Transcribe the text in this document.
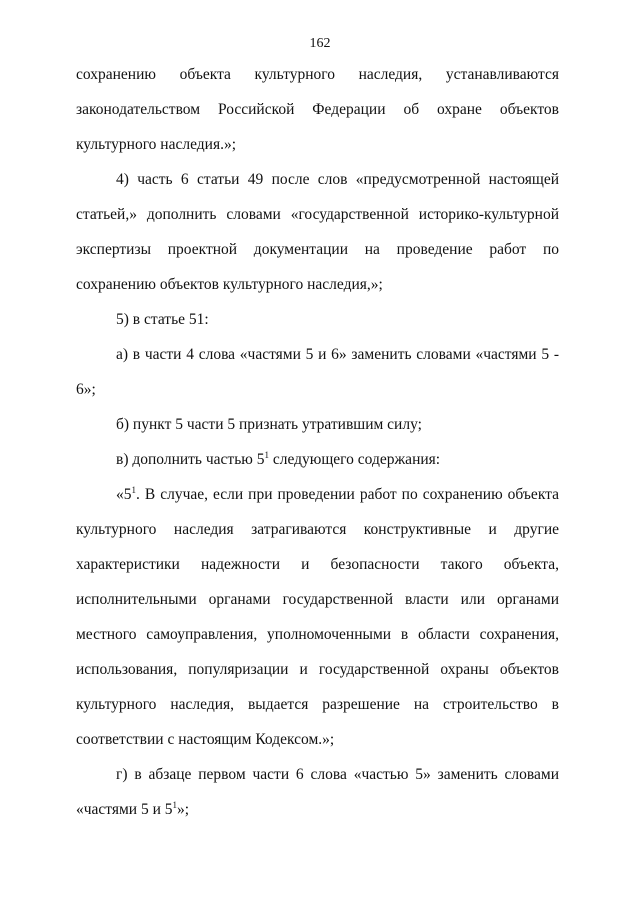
162
сохранению объекта культурного наследия, устанавливаются
законодательством Российской Федерации об охране объектов
культурного наследия.»;
4) часть 6 статьи 49 после слов «предусмотренной настоящей
статьей,» дополнить словами «государственной историко-культурной
экспертизы проектной документации на проведение работ по
сохранению объектов культурного наследия,»;
5) в статье 51:
а) в части 4 слова «частями 5 и 6» заменить словами «частями 5 -
6»;
б) пункт 5 части 5 признать утратившим силу;
в) дополнить частью $5^1$ следующего содержания:
«$5^1$. В случае, если при проведении работ по сохранению объекта
культурного наследия затрагиваются конструктивные и другие
характеристики надежности и безопасности такого объекта,
исполнительными органами государственной власти или органами
местного самоуправления, уполномоченными в области сохранения,
использования, популяризации и государственной охраны объектов
культурного наследия, выдается разрешение на строительство в
соответствии с настоящим Кодексом.»;
г) в абзаце первом части 6 слова «частью 5» заменить словами
«частями 5 и $5^1$»;
